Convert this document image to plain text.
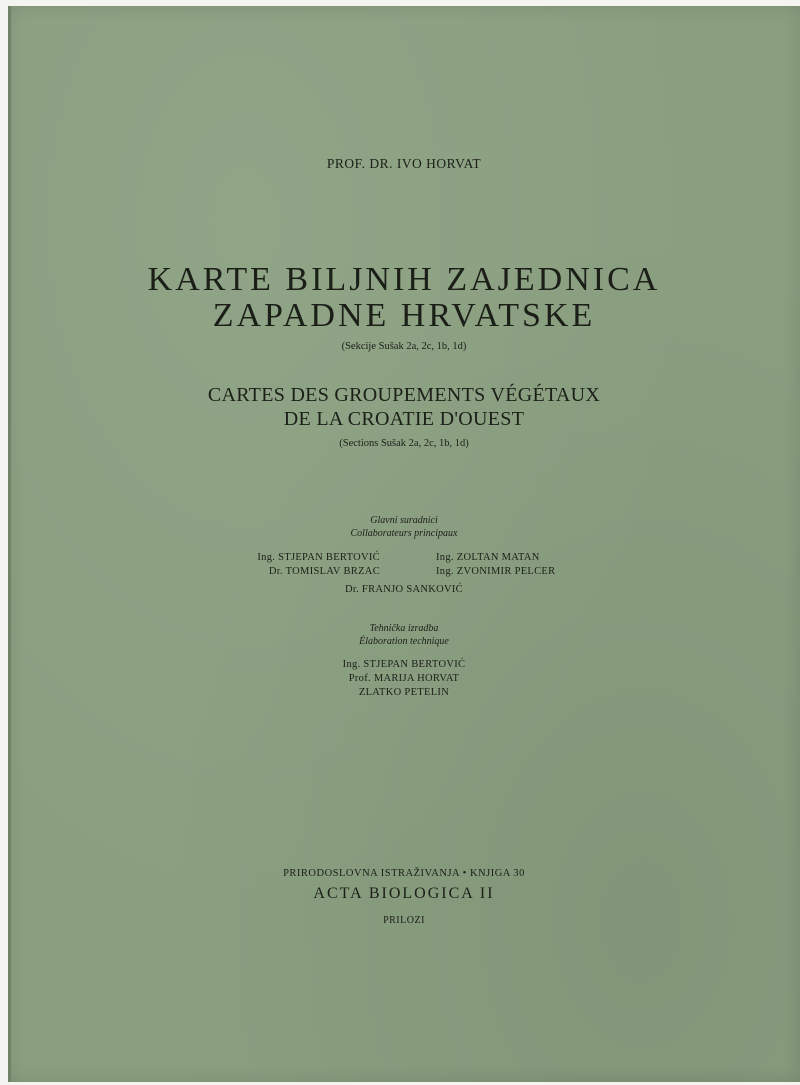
PROF. DR. IVO HORVAT
KARTE BILJNIH ZAJEDNICA
ZAPADNE HRVATSKE
(Sekcije Sušak 2a, 2c, 1b, 1d)
CARTES DES GROUPEMENTS VÉGÉTAUX
DE LA CROATIE D'OUEST
(Sections Sušak 2a, 2c, 1b, 1d)
Glavni suradnici
Collaborateurs principaux
Ing. STJEPAN BERTOVIĆ	Ing. ZOLTAN MATAN
Dr. TOMISLAV BRZAC	Ing. ZVONIMIR PELCER
Dr. FRANJO SANKOVIĆ
Tehnička izradba
Élaboration technique
Ing. STJEPAN BERTOVIĆ
Prof. MARIJA HORVAT
ZLATKO PETELIN
PRIRODOSLOVNA ISTRAŽIVANJA • KNJIGA 30
ACTA BIOLOGICA II
PRILOZI
